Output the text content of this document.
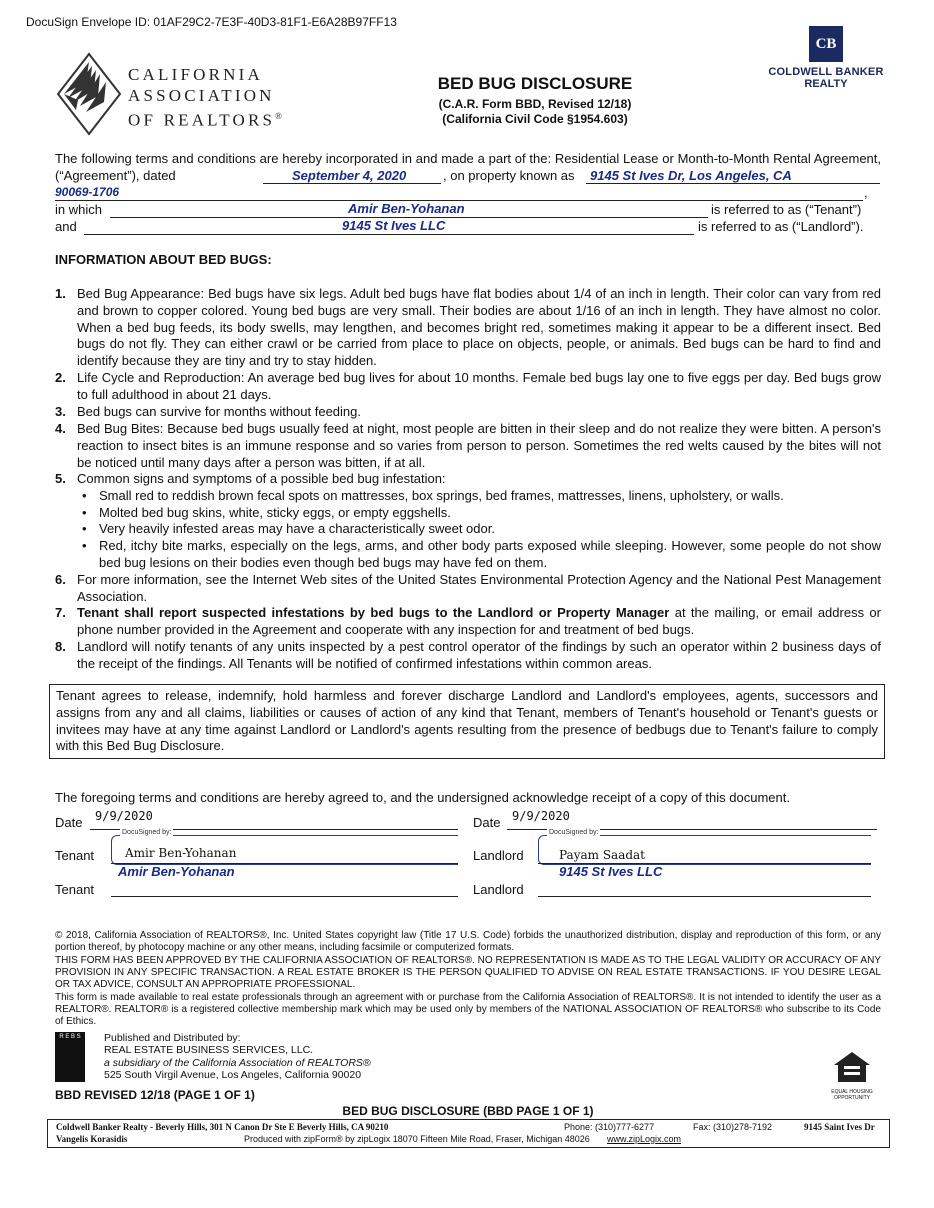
DocuSign Envelope ID: 01AF29C2-7E3F-40D3-81F1-E6A28B97FF13
CALIFORNIA
ASSOCIATION
OF REALTORS®
BED BUG DISCLOSURE
(C.A.R. Form BBD, Revised 12/18)
(California Civil Code §1954.603)
CB
COLDWELL BANKER
REALTY
The following terms and conditions are hereby incorporated in and made a part of the: Residential Lease or Month-to-Month Rental Agreement, (“Agreement”), dated	September 4, 2020	, on property known as 9145 St Ives Dr, Los Angeles, CA
90069-1706	,
in which	Amir Ben-Yohanan	is referred to as (“Tenant”)
and	9145 St Ives LLC	is referred to as (“Landlord”).
INFORMATION ABOUT BED BUGS:
1. Bed Bug Appearance: Bed bugs have six legs. Adult bed bugs have flat bodies about 1/4 of an inch in length. Their color can vary from red and brown to copper colored. Young bed bugs are very small. Their bodies are about 1/16 of an inch in length. They have almost no color. When a bed bug feeds, its body swells, may lengthen, and becomes bright red, sometimes making it appear to be a different insect. Bed bugs do not fly. They can either crawl or be carried from place to place on objects, people, or animals. Bed bugs can be hard to find and identify because they are tiny and try to stay hidden.
2. Life Cycle and Reproduction: An average bed bug lives for about 10 months. Female bed bugs lay one to five eggs per day. Bed bugs grow to full adulthood in about 21 days.
3. Bed bugs can survive for months without feeding.
4. Bed Bug Bites: Because bed bugs usually feed at night, most people are bitten in their sleep and do not realize they were bitten. A person's reaction to insect bites is an immune response and so varies from person to person. Sometimes the red welts caused by the bites will not be noticed until many days after a person was bitten, if at all.
5. Common signs and symptoms of a possible bed bug infestation:
• Small red to reddish brown fecal spots on mattresses, box springs, bed frames, mattresses, linens, upholstery, or walls.
• Molted bed bug skins, white, sticky eggs, or empty eggshells.
• Very heavily infested areas may have a characteristically sweet odor.
• Red, itchy bite marks, especially on the legs, arms, and other body parts exposed while sleeping. However, some people do not show bed bug lesions on their bodies even though bed bugs may have fed on them.
6. For more information, see the Internet Web sites of the United States Environmental Protection Agency and the National Pest Management Association.
7. Tenant shall report suspected infestations by bed bugs to the Landlord or Property Manager at the mailing, or email address or phone number provided in the Agreement and cooperate with any inspection for and treatment of bed bugs.
8. Landlord will notify tenants of any units inspected by a pest control operator of the findings by such an operator within 2 business days of the receipt of the findings. All Tenants will be notified of confirmed infestations within common areas.
Tenant agrees to release, indemnify, hold harmless and forever discharge Landlord and Landlord's employees, agents, successors and assigns from any and all claims, liabilities or causes of action of any kind that Tenant, members of Tenant's household or Tenant's guests or invitees may have at any time against Landlord or Landlord's agents resulting from the presence of bedbugs due to Tenant's failure to comply with this Bed Bug Disclosure.
The foregoing terms and conditions are hereby agreed to, and the undersigned acknowledge receipt of a copy of this document.
Date 9/9/2020
Tenant
DocuSigned by:
Amir Ben-Yohanan
Amir Ben-Yohanan
Tenant
Date 9/9/2020
Landlord
DocuSigned by:
Payam Saadat
9145 St Ives LLC
Landlord
© 2018, California Association of REALTORS®, Inc. United States copyright law (Title 17 U.S. Code) forbids the unauthorized distribution, display and reproduction of this form, or any portion thereof, by photocopy machine or any other means, including facsimile or computerized formats.
THIS FORM HAS BEEN APPROVED BY THE CALIFORNIA ASSOCIATION OF REALTORS®. NO REPRESENTATION IS MADE AS TO THE LEGAL VALIDITY OR ACCURACY OF ANY PROVISION IN ANY SPECIFIC TRANSACTION. A REAL ESTATE BROKER IS THE PERSON QUALIFIED TO ADVISE ON REAL ESTATE TRANSACTIONS. IF YOU DESIRE LEGAL OR TAX ADVICE, CONSULT AN APPROPRIATE PROFESSIONAL.
This form is made available to real estate professionals through an agreement with or purchase from the California Association of REALTORS®. It is not intended to identify the user as a REALTOR®. REALTOR® is a registered collective membership mark which may be used only by members of the NATIONAL ASSOCIATION OF REALTORS® who subscribe to its Code of Ethics.
R E B S	Published and Distributed by:
REAL ESTATE BUSINESS SERVICES, LLC.
a subsidiary of the California Association of REALTORS®
525 South Virgil Avenue, Los Angeles, California 90020
EQUAL HOUSING OPPORTUNITY
BBD REVISED 12/18 (PAGE 1 OF 1)
BED BUG DISCLOSURE (BBD PAGE 1 OF 1)
Coldwell Banker Realty - Beverly Hills, 301 N Canon Dr Ste E Beverly Hills, CA 90210	Phone: (310)777-6277	Fax: (310)278-7192	9145 Saint Ives Dr
Vangelis Korasidis	Produced with zipForm® by zipLogix 18070 Fifteen Mile Road, Fraser, Michigan 48026 www.zipLogix.com
